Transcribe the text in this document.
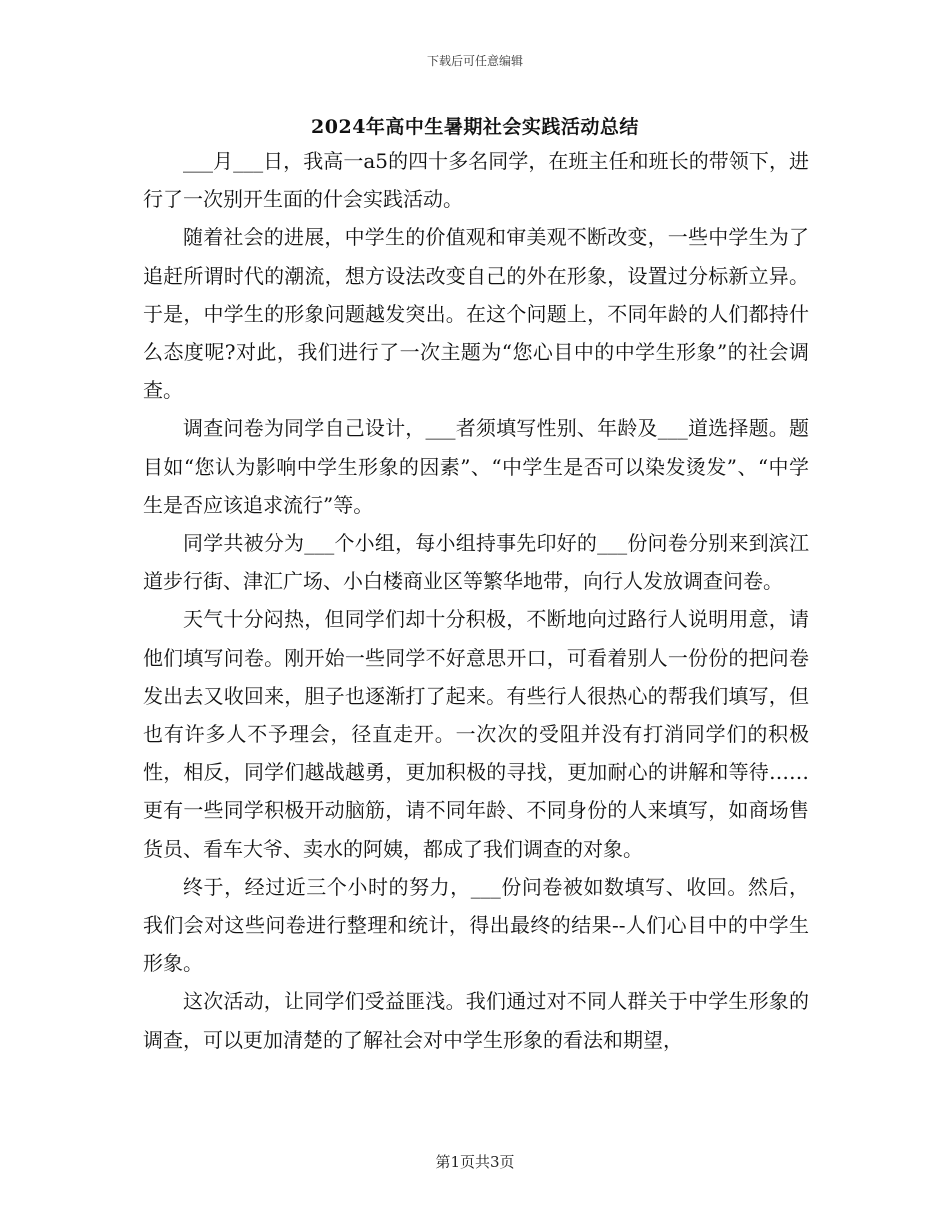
下载后可任意编辑
2024年高中生暑期社会实践活动总结

___月___日，我高一a5的四十多名同学，在班主任和班长的带领下，进行了一次别开生面的什会实践活动。

随着社会的进展，中学生的价值观和审美观不断改变，一些中学生为了追赶所谓时代的潮流，想方设法改变自己的外在形象，设置过分标新立异。于是，中学生的形象问题越发突出。在这个问题上，不同年龄的人们都持什么态度呢?对此，我们进行了一次主题为“您心目中的中学生形象”的社会调查。

调查问卷为同学自己设计，___者须填写性别、年龄及___道选择题。题目如“您认为影响中学生形象的因素”、“中学生是否可以染发烫发”、“中学生是否应该追求流行”等。

同学共被分为___个小组，每小组持事先印好的___份问卷分别来到滨江道步行街、津汇广场、小白楼商业区等繁华地带，向行人发放调查问卷。

天气十分闷热，但同学们却十分积极，不断地向过路行人说明用意，请他们填写问卷。刚开始一些同学不好意思开口，可看着别人一份份的把问卷发出去又收回来，胆子也逐渐打了起来。有些行人很热心的帮我们填写，但也有许多人不予理会，径直走开。一次次的受阻并没有打消同学们的积极性，相反，同学们越战越勇，更加积极的寻找，更加耐心的讲解和等待……更有一些同学积极开动脑筋，请不同年龄、不同身份的人来填写，如商场售货员、看车大爷、卖水的阿姨，都成了我们调查的对象。

终于，经过近三个小时的努力，___份问卷被如数填写、收回。然后，我们会对这些问卷进行整理和统计，得出最终的结果--人们心目中的中学生形象。

这次活动，让同学们受益匪浅。我们通过对不同人群关于中学生形象的调查，可以更加清楚的了解社会对中学生形象的看法和期望，

第1页共3页
